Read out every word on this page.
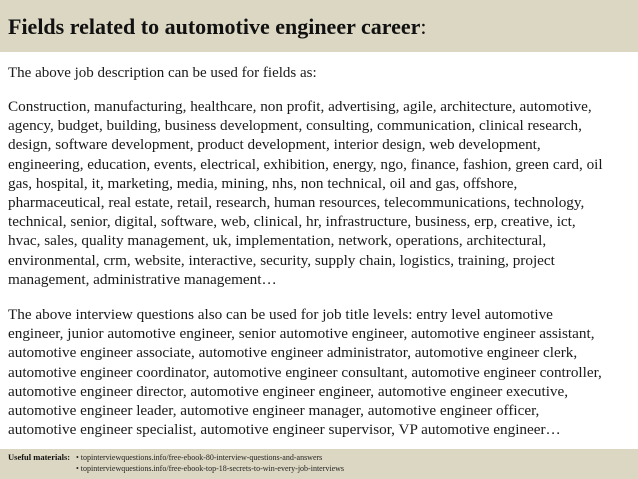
Fields related to automotive engineer career:
The above job description can be used for fields as:
Construction, manufacturing, healthcare, non profit, advertising, agile, architecture, automotive,
agency, budget, building, business development, consulting, communication, clinical research,
design, software development, product development, interior design, web development,
engineering, education, events, electrical, exhibition, energy, ngo, finance, fashion, green card, oil
gas, hospital, it, marketing, media, mining, nhs, non technical, oil and gas, offshore,
pharmaceutical, real estate, retail, research, human resources, telecommunications, technology,
technical, senior, digital, software, web, clinical, hr, infrastructure, business, erp, creative, ict,
hvac, sales, quality management, uk, implementation, network, operations, architectural,
environmental, crm, website, interactive, security, supply chain, logistics, training, project
management, administrative management…
The above interview questions also can be used for job title levels: entry level automotive
engineer, junior automotive engineer, senior automotive engineer, automotive engineer assistant,
automotive engineer associate, automotive engineer administrator, automotive engineer clerk,
automotive engineer coordinator, automotive engineer consultant, automotive engineer controller,
automotive engineer director, automotive engineer engineer, automotive engineer executive,
automotive engineer leader, automotive engineer manager, automotive engineer officer,
automotive engineer specialist, automotive engineer supervisor, VP automotive engineer…
Useful materials: • topinterviewquestions.info/free-ebook-80-interview-questions-and-answers
• topinterviewquestions.info/free-ebook-top-18-secrets-to-win-every-job-interviews
